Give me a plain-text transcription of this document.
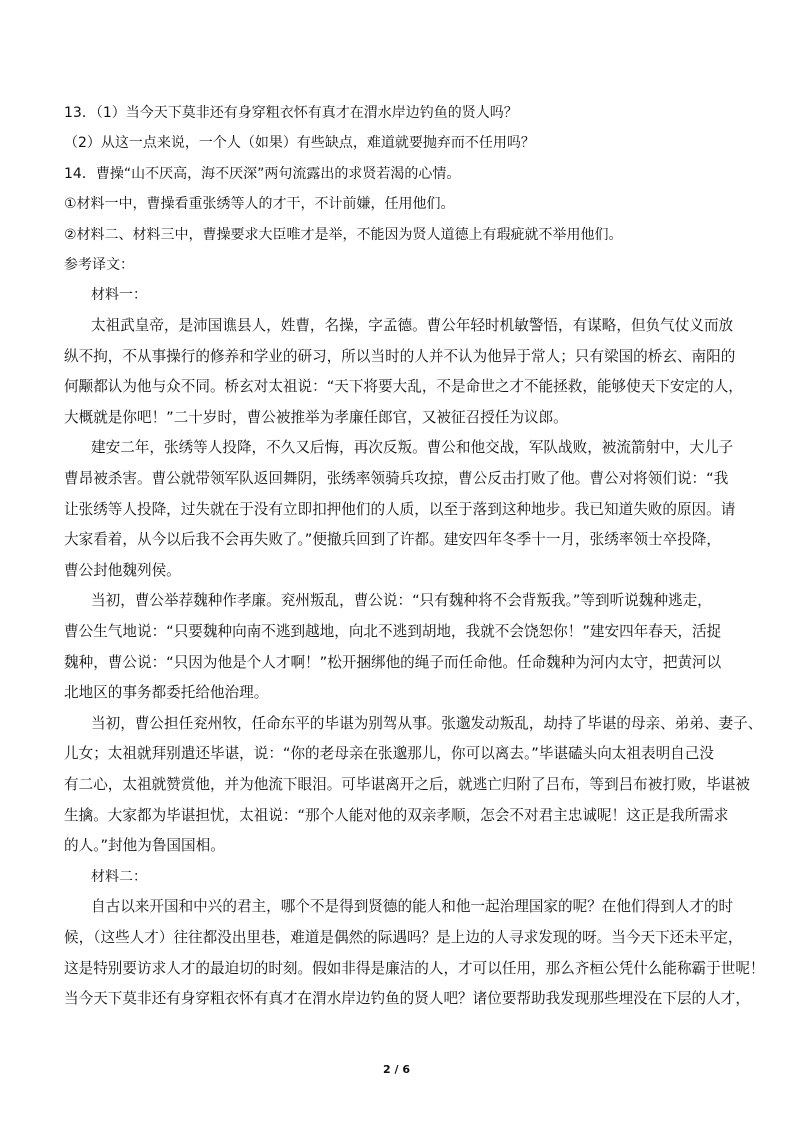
13．（1）当今天下莫非还有身穿粗衣怀有真才在渭水岸边钓鱼的贤人吗？
（2）从这一点来说，一个人（如果）有些缺点，难道就要抛弃而不任用吗？
14．曹操“山不厌高，海不厌深”两句流露出的求贤若渴的心情。
①材料一中，曹操看重张绣等人的才干，不计前嫌，任用他们。
②材料二、材料三中，曹操要求大臣唯才是举，不能因为贤人道德上有瑕疵就不举用他们。
参考译文：
材料一：
太祖武皇帝，是沛国谯县人，姓曹，名操，字孟德。曹公年轻时机敏警悟，有谋略，但负气仗义而放
纵不拘，不从事操行的修养和学业的研习，所以当时的人并不认为他异于常人；只有梁国的桥玄、南阳的
何颙都认为他与众不同。桥玄对太祖说：“天下将要大乱，不是命世之才不能拯救，能够使天下安定的人，
大概就是你吧！”二十岁时，曹公被推举为孝廉任郎官，又被征召授任为议郎。
建安二年，张绣等人投降，不久又后悔，再次反叛。曹公和他交战，军队战败，被流箭射中，大儿子
曹昂被杀害。曹公就带领军队返回舞阴，张绣率领骑兵攻掠，曹公反击打败了他。曹公对将领们说：“我
让张绣等人投降，过失就在于没有立即扣押他们的人质，以至于落到这种地步。我已知道失败的原因。请
大家看着，从今以后我不会再失败了。”便撤兵回到了许都。建安四年冬季十一月，张绣率领士卒投降，
曹公封他魏列侯。
当初，曹公举荐魏种作孝廉。兖州叛乱，曹公说：“只有魏种将不会背叛我。”等到听说魏种逃走，
曹公生气地说：“只要魏种向南不逃到越地，向北不逃到胡地，我就不会饶恕你！”建安四年春天，活捉
魏种，曹公说：“只因为他是个人才啊！”松开捆绑他的绳子而任命他。任命魏种为河内太守，把黄河以
北地区的事务都委托给他治理。
当初，曹公担任兖州牧，任命东平的毕谌为别驾从事。张邈发动叛乱，劫持了毕谌的母亲、弟弟、妻子、
儿女；太祖就拜别遣还毕谌，说：“你的老母亲在张邈那儿，你可以离去。”毕谌磕头向太祖表明自己没
有二心，太祖就赞赏他，并为他流下眼泪。可毕谌离开之后，就逃亡归附了吕布，等到吕布被打败，毕谌被
生擒。大家都为毕谌担忧，太祖说：“那个人能对他的双亲孝顺，怎会不对君主忠诚呢！这正是我所需求
的人。”封他为鲁国国相。
材料二：
自古以来开国和中兴的君主，哪个不是得到贤德的能人和他一起治理国家的呢？在他们得到人才的时
候，（这些人才）往往都没出里巷，难道是偶然的际遇吗？是上边的人寻求发现的呀。当今天下还未平定，
这是特别要访求人才的最迫切的时刻。假如非得是廉洁的人，才可以任用，那么齐桓公凭什么能称霸于世呢！
当今天下莫非还有身穿粗衣怀有真才在渭水岸边钓鱼的贤人吧？诸位要帮助我发现那些埋没在下层的人才，
2 / 6
